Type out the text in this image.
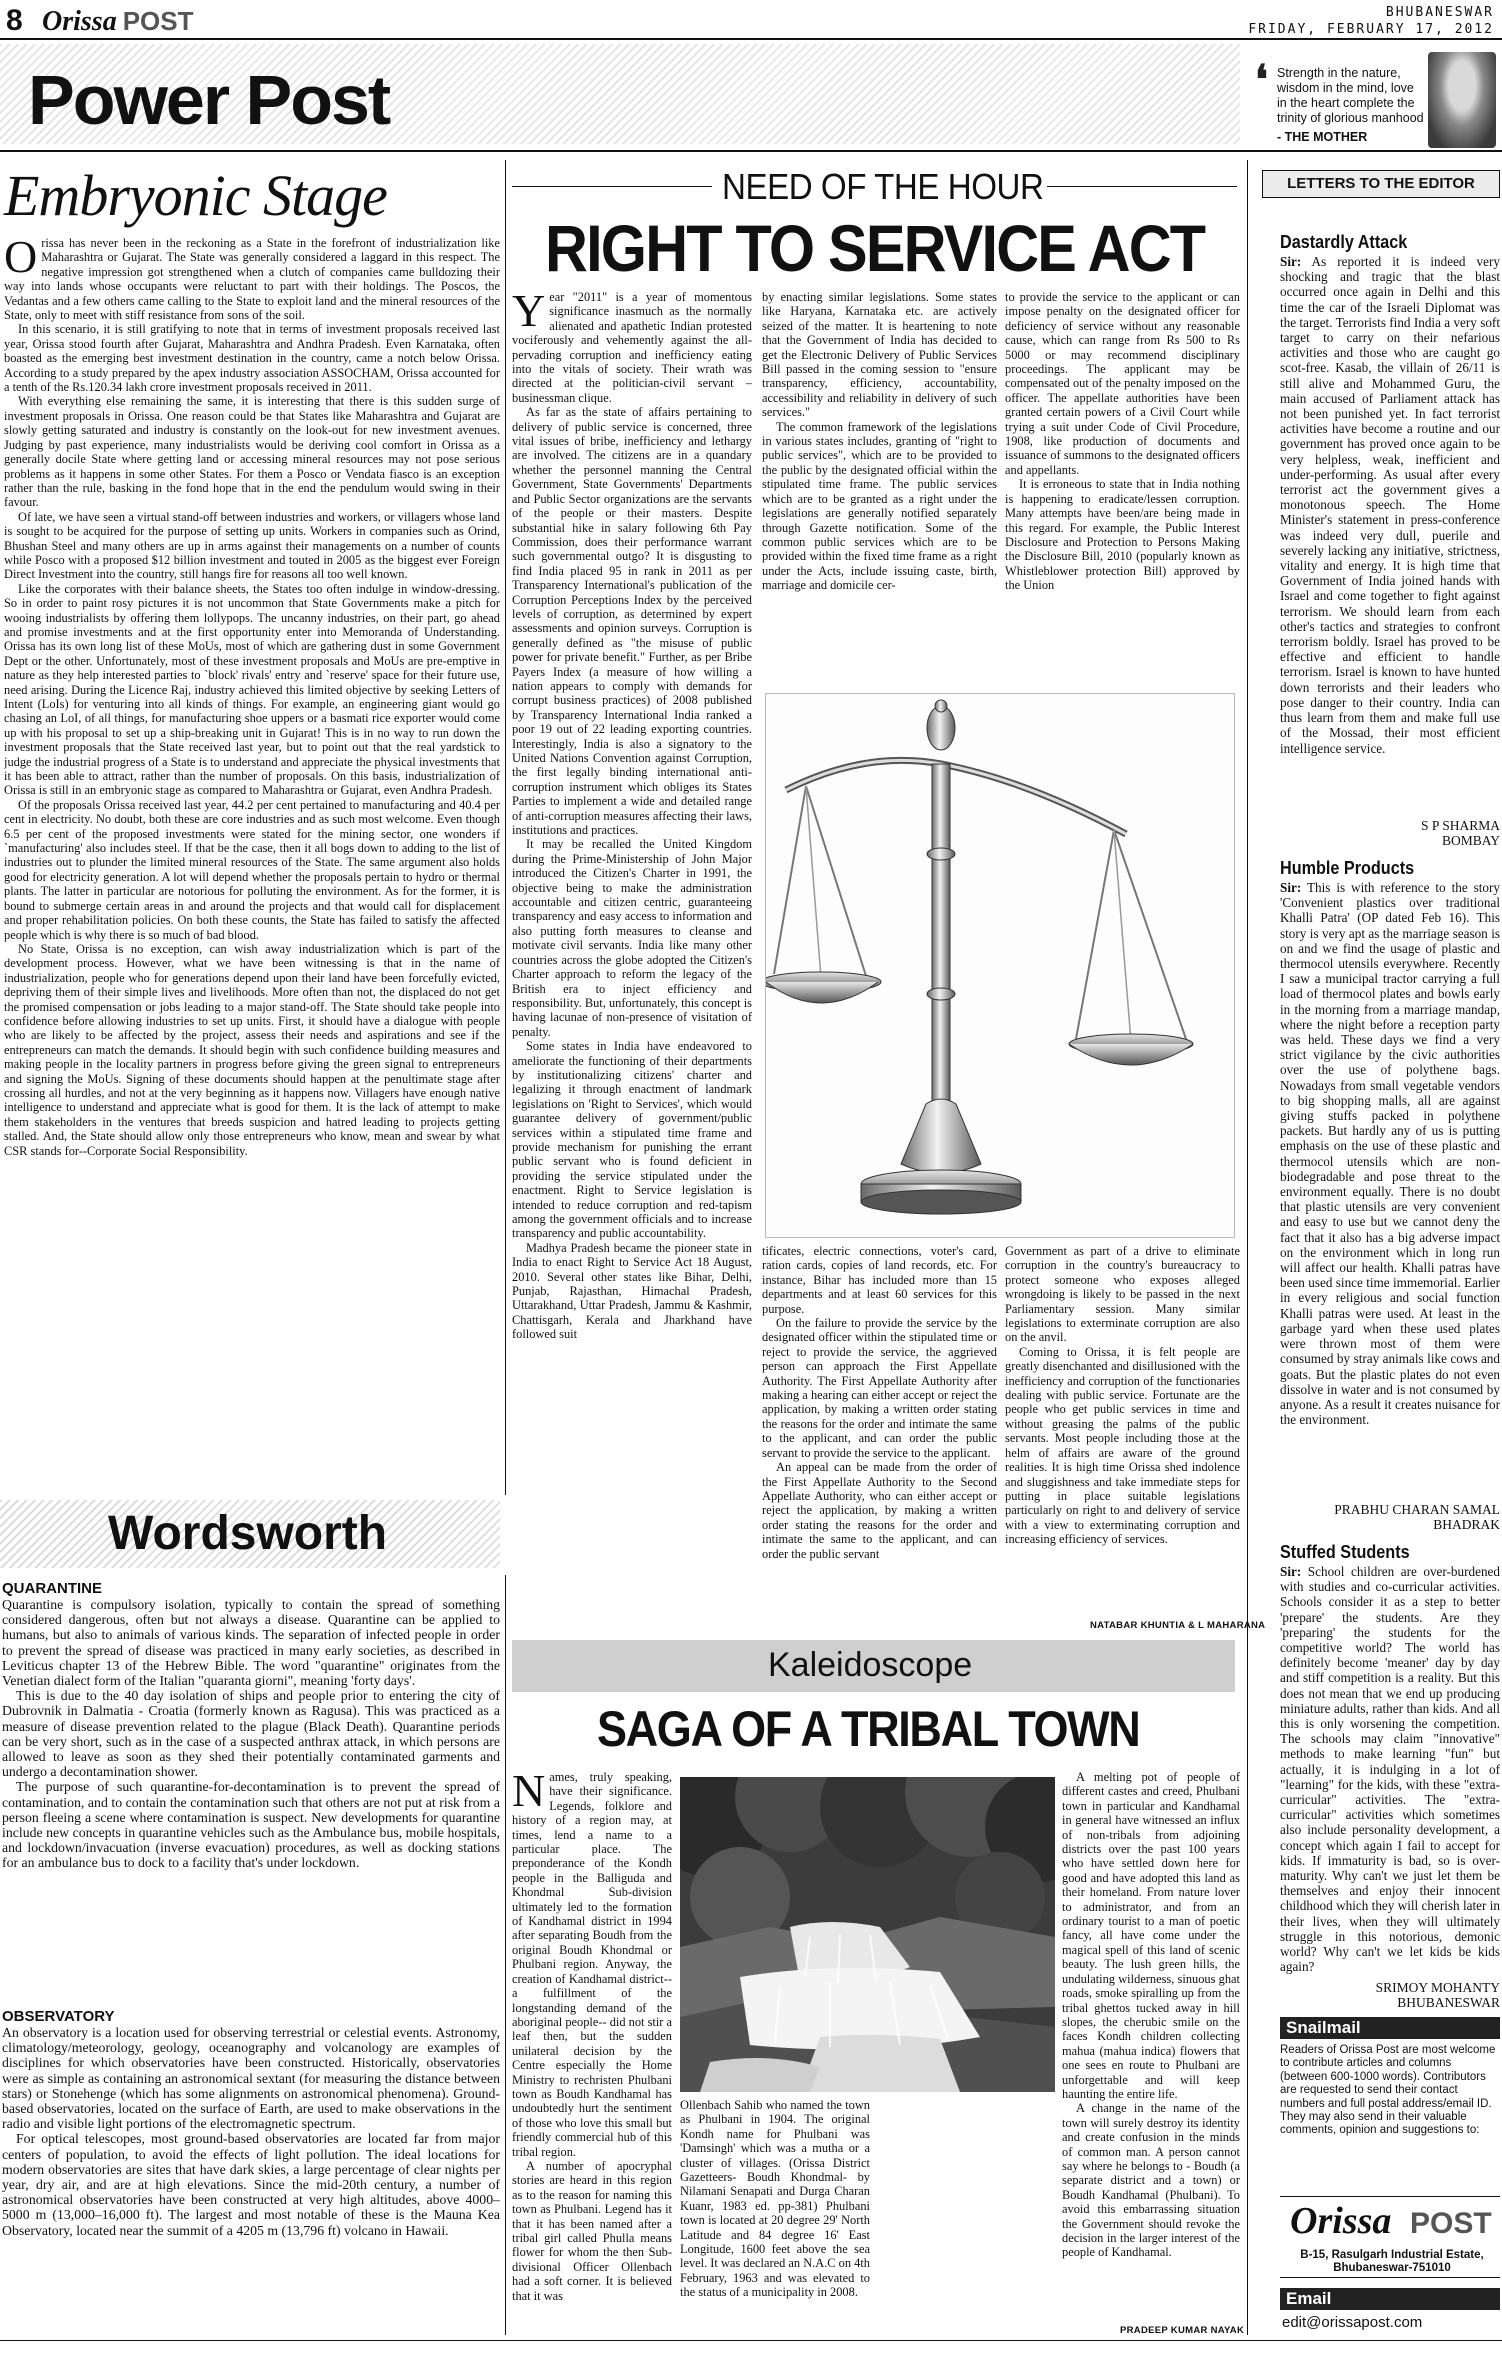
8 Orissa POST	BHUBANESWAR
FRIDAY, FEBRUARY 17, 2012
Power Post	❛ Strength in the nature, wisdom in the mind, love in the heart complete the trinity of glorious manhood
- THE MOTHER
Embryonic Stage

Orissa has never been in the reckoning as a State in the forefront of industrialization like Maharashtra or Gujarat. The State was generally considered a laggard in this respect. The negative impression got strengthened when a clutch of companies came bulldozing their way into lands whose occupants were reluctant to part with their holdings. The Poscos, the Vedantas and a few others came calling to the State to exploit land and the mineral resources of the State, only to meet with stiff resistance from sons of the soil.

In this scenario, it is still gratifying to note that in terms of investment proposals received last year, Orissa stood fourth after Gujarat, Maharashtra and Andhra Pradesh. Even Karnataka, often boasted as the emerging best investment destination in the country, came a notch below Orissa. According to a study prepared by the apex industry association ASSOCHAM, Orissa accounted for a tenth of the Rs.120.34 lakh crore investment proposals received in 2011.

With everything else remaining the same, it is interesting that there is this sudden surge of investment proposals in Orissa. One reason could be that States like Maharashtra and Gujarat are slowly getting saturated and industry is constantly on the look-out for new investment avenues. Judging by past experience, many industrialists would be deriving cool comfort in Orissa as a generally docile State where getting land or accessing mineral resources may not pose serious problems as it happens in some other States. For them a Posco or Vendata fiasco is an exception rather than the rule, basking in the fond hope that in the end the pendulum would swing in their favour.

Of late, we have seen a virtual stand-off between industries and workers, or villagers whose land is sought to be acquired for the purpose of setting up units. Workers in companies such as Orind, Bhushan Steel and many others are up in arms against their managements on a number of counts while Posco with a proposed $12 billion investment and touted in 2005 as the biggest ever Foreign Direct Investment into the country, still hangs fire for reasons all too well known.

Like the corporates with their balance sheets, the States too often indulge in window-dressing. So in order to paint rosy pictures it is not uncommon that State Governments make a pitch for wooing industrialists by offering them lollypops. The uncanny industries, on their part, go ahead and promise investments and at the first opportunity enter into Memoranda of Understanding. Orissa has its own long list of these MoUs, most of which are gathering dust in some Government Dept or the other. Unfortunately, most of these investment proposals and MoUs are pre-emptive in nature as they help interested parties to `block' rivals' entry and `reserve' space for their future use, need arising. During the Licence Raj, industry achieved this limited objective by seeking Letters of Intent (LoIs) for venturing into all kinds of things. For example, an engineering giant would go chasing an LoI, of all things, for manufacturing shoe uppers or a basmati rice exporter would come up with his proposal to set up a ship-breaking unit in Gujarat! This is in no way to run down the investment proposals that the State received last year, but to point out that the real yardstick to judge the industrial progress of a State is to understand and appreciate the physical investments that it has been able to attract, rather than the number of proposals. On this basis, industrialization of Orissa is still in an embryonic stage as compared to Maharashtra or Gujarat, even Andhra Pradesh.

Of the proposals Orissa received last year, 44.2 per cent pertained to manufacturing and 40.4 per cent in electricity. No doubt, both these are core industries and as such most welcome. Even though 6.5 per cent of the proposed investments were stated for the mining sector, one wonders if `manufacturing' also includes steel. If that be the case, then it all bogs down to adding to the list of industries out to plunder the limited mineral resources of the State. The same argument also holds good for electricity generation. A lot will depend whether the proposals pertain to hydro or thermal plants. The latter in particular are notorious for polluting the environment. As for the former, it is bound to submerge certain areas in and around the projects and that would call for displacement and proper rehabilitation policies. On both these counts, the State has failed to satisfy the affected people which is why there is so much of bad blood.

No State, Orissa is no exception, can wish away industrialization which is part of the development process. However, what we have been witnessing is that in the name of industrialization, people who for generations depend upon their land have been forcefully evicted, depriving them of their simple lives and livelihoods. More often than not, the displaced do not get the promised compensation or jobs leading to a major stand-off. The State should take people into confidence before allowing industries to set up units. First, it should have a dialogue with people who are likely to be affected by the project, assess their needs and aspirations and see if the entrepreneurs can match the demands. It should begin with such confidence building measures and making people in the locality partners in progress before giving the green signal to entrepreneurs and signing the MoUs. Signing of these documents should happen at the penultimate stage after crossing all hurdles, and not at the very beginning as it happens now. Villagers have enough native intelligence to understand and appreciate what is good for them. It is the lack of attempt to make them stakeholders in the ventures that breeds suspicion and hatred leading to projects getting stalled. And, the State should allow only those entrepreneurs who know, mean and swear by what CSR stands for--Corporate Social Responsibility.

Wordsworth
QUARANTINE

Quarantine is compulsory isolation, typically to contain the spread of something considered dangerous, often but not always a disease. Quarantine can be applied to humans, but also to animals of various kinds. The separation of infected people in order to prevent the spread of disease was practiced in many early societies, as described in Leviticus chapter 13 of the Hebrew Bible. The word "quarantine" originates from the Venetian dialect form of the Italian "quaranta giorni", meaning 'forty days'.

This is due to the 40 day isolation of ships and people prior to entering the city of Dubrovnik in Dalmatia - Croatia (formerly known as Ragusa). This was practiced as a measure of disease prevention related to the plague (Black Death). Quarantine periods can be very short, such as in the case of a suspected anthrax attack, in which persons are allowed to leave as soon as they shed their potentially contaminated garments and undergo a decontamination shower.

The purpose of such quarantine-for-decontamination is to prevent the spread of contamination, and to contain the contamination such that others are not put at risk from a person fleeing a scene where contamination is suspect. New developments for quarantine include new concepts in quarantine vehicles such as the Ambulance bus, mobile hospitals, and lockdown/invacuation (inverse evacuation) procedures, as well as docking stations for an ambulance bus to dock to a facility that's under lockdown.

OBSERVATORY

An observatory is a location used for observing terrestrial or celestial events. Astronomy, climatology/meteorology, geology, oceanography and volcanology are examples of disciplines for which observatories have been constructed. Historically, observatories were as simple as containing an astronomical sextant (for measuring the distance between stars) or Stonehenge (which has some alignments on astronomical phenomena). Ground-based observatories, located on the surface of Earth, are used to make observations in the radio and visible light portions of the electromagnetic spectrum.

For optical telescopes, most ground-based observatories are located far from major centers of population, to avoid the effects of light pollution. The ideal locations for modern observatories are sites that have dark skies, a large percentage of clear nights per year, dry air, and are at high elevations. Since the mid-20th century, a number of astronomical observatories have been constructed at very high altitudes, above 4000–5000 m (13,000–16,000 ft). The largest and most notable of these is the Mauna Kea Observatory, located near the summit of a 4205 m (13,796 ft) volcano in Hawaii.

NEED OF THE HOUR
RIGHT TO SERVICE ACT

Year "2011" is a year of momentous significance inasmuch as the normally alienated and apathetic Indian protested vociferously and vehemently against the all-pervading corruption and inefficiency eating into the vitals of society. Their wrath was directed at the politician-civil servant –businessman clique.

As far as the state of affairs pertaining to delivery of public service is concerned, three vital issues of bribe, inefficiency and lethargy are involved. The citizens are in a quandary whether the personnel manning the Central Government, State Governments' Departments and Public Sector organizations are the servants of the people or their masters. Despite substantial hike in salary following 6th Pay Commission, does their performance warrant such governmental outgo? It is disgusting to find India placed 95 in rank in 2011 as per Transparency International's publication of the Corruption Perceptions Index by the perceived levels of corruption, as determined by expert assessments and opinion surveys. Corruption is generally defined as "the misuse of public power for private benefit." Further, as per Bribe Payers Index (a measure of how willing a nation appears to comply with demands for corrupt business practices) of 2008 published by Transparency International India ranked a poor 19 out of 22 leading exporting countries. Interestingly, India is also a signatory to the United Nations Convention against Corruption, the first legally binding international anti-corruption instrument which obliges its States Parties to implement a wide and detailed range of anti-corruption measures affecting their laws, institutions and practices.

It may be recalled the United Kingdom during the Prime-Ministership of John Major introduced the Citizen's Charter in 1991, the objective being to make the administration accountable and citizen centric, guaranteeing transparency and easy access to information and also putting forth measures to cleanse and motivate civil servants. India like many other countries across the globe adopted the Citizen's Charter approach to reform the legacy of the British era to inject efficiency and responsibility. But, unfortunately, this concept is having lacunae of non-presence of visitation of penalty.

Some states in India have endeavored to ameliorate the functioning of their departments by institutionalizing citizens' charter and legalizing it through enactment of landmark legislations on 'Right to Services', which would guarantee delivery of government/public services within a stipulated time frame and provide mechanism for punishing the errant public servant who is found deficient in providing the service stipulated under the enactment. Right to Service legislation is intended to reduce corruption and red-tapism among the government officials and to increase transparency and public accountability.

Madhya Pradesh became the pioneer state in India to enact Right to Service Act 18 August, 2010. Several other states like Bihar, Delhi, Punjab, Rajasthan, Himachal Pradesh, Uttarakhand, Uttar Pradesh, Jammu & Kashmir, Chattisgarh, Kerala and Jharkhand have followed suit

by enacting similar legislations. Some states like Haryana, Karnataka etc. are actively seized of the matter. It is heartening to note that the Government of India has decided to get the Electronic Delivery of Public Services Bill passed in the coming session to "ensure transparency, efficiency, accountability, accessibility and reliability in delivery of such services."

The common framework of the legislations in various states includes, granting of "right to public services", which are to be provided to the public by the designated official within the stipulated time frame. The public services which are to be granted as a right under the legislations are generally notified separately through Gazette notification. Some of the common public services which are to be provided within the fixed time frame as a right under the Acts, include issuing caste, birth, marriage and domicile cer-

to provide the service to the applicant or can impose penalty on the designated officer for deficiency of service without any reasonable cause, which can range from Rs 500 to Rs 5000 or may recommend disciplinary proceedings. The applicant may be compensated out of the penalty imposed on the officer. The appellate authorities have been granted certain powers of a Civil Court while trying a suit under Code of Civil Procedure, 1908, like production of documents and issuance of summons to the designated officers and appellants.

It is erroneous to state that in India nothing is happening to eradicate/lessen corruption. Many attempts have been/are being made in this regard. For example, the Public Interest Disclosure and Protection to Persons Making the Disclosure Bill, 2010 (popularly known as Whistleblower protection Bill) approved by the Union

tificates, electric connections, voter's card, ration cards, copies of land records, etc. For instance, Bihar has included more than 15 departments and at least 60 services for this purpose.

On the failure to provide the service by the designated officer within the stipulated time or reject to provide the service, the aggrieved person can approach the First Appellate Authority. The First Appellate Authority after making a hearing can either accept or reject the application, by making a written order stating the reasons for the order and intimate the same to the applicant, and can order the public servant to provide the service to the applicant.

An appeal can be made from the order of the First Appellate Authority to the Second Appellate Authority, who can either accept or reject the application, by making a written order stating the reasons for the order and intimate the same to the applicant, and can order the public servant

Government as part of a drive to eliminate corruption in the country's bureaucracy to protect someone who exposes alleged wrongdoing is likely to be passed in the next Parliamentary session. Many similar legislations to exterminate corruption are also on the anvil.

Coming to Orissa, it is felt people are greatly disenchanted and disillusioned with the inefficiency and corruption of the functionaries dealing with public service. Fortunate are the people who get public services in time and without greasing the palms of the public servants. Most people including those at the helm of affairs are aware of the ground realities. It is high time Orissa shed indolence and sluggishness and take immediate steps for putting in place suitable legislations particularly on right to and delivery of service with a view to exterminating corruption and increasing efficiency of services.

NATABAR KHUNTIA & L MAHARANA
Kaleidoscope
SAGA OF A TRIBAL TOWN

Names, truly speaking, have their significance. Legends, folklore and history of a region may, at times, lend a name to a particular place. The preponderance of the Kondh people in the Balliguda and Khondmal Sub-division ultimately led to the formation of Kandhamal district in 1994 after separating Boudh from the original Boudh Khondmal or Phulbani region. Anyway, the creation of Kandhamal district-- a fulfillment of the longstanding demand of the aboriginal people-- did not stir a leaf then, but the sudden unilateral decision by the Centre especially the Home Ministry to rechristen Phulbani town as Boudh Kandhamal has undoubtedly hurt the sentiment of those who love this small but friendly commercial hub of this tribal region.

A number of apocryphal stories are heard in this region as to the reason for naming this town as Phulbani. Legend has it that it has been named after a tribal girl called Phulla means flower for whom the then Sub-divisional Officer Ollenbach had a soft corner. It is believed that it was

Ollenbach Sahib who named the town as Phulbani in 1904. The original Kondh name for Phulbani was 'Damsingh' which was a mutha or a cluster of villages. (Orissa District Gazetteers- Boudh Khondmal- by Nilamani Senapati and Durga Charan Kuanr, 1983 ed. pp-381) Phulbani town is located at 20 degree 29' North Latitude and 84 degree 16' East Longitude, 1600 feet above the sea level. It was declared an N.A.C on 4th February, 1963 and was elevated to the status of a municipality in 2008.

A melting pot of people of different castes and creed, Phulbani town in particular and Kandhamal in general have witnessed an influx of non-tribals from adjoining districts over the past 100 years who have settled down here for good and have adopted this land as their homeland. From nature lover to administrator, and from an ordinary tourist to a man of poetic fancy, all have come under the magical spell of this land of scenic beauty. The lush green hills, the undulating wilderness, sinuous ghat roads, smoke spiralling up from the tribal ghettos tucked away in hill slopes, the cherubic smile on the faces Kondh children collecting mahua (mahua indica) flowers that one sees en route to Phulbani are unforgettable and will keep haunting the entire life.

A change in the name of the town will surely destroy its identity and create confusion in the minds of common man. A person cannot say where he belongs to - Boudh (a separate district and a town) or Boudh Kandhamal (Phulbani). To avoid this embarrassing situation the Government should revoke the decision in the larger interest of the people of Kandhamal.

PRADEEP KUMAR NAYAK
LETTERS TO THE EDITOR
Dastardly Attack

Sir: As reported it is indeed very shocking and tragic that the blast occurred once again in Delhi and this time the car of the Israeli Diplomat was the target. Terrorists find India a very soft target to carry on their nefarious activities and those who are caught go scot-free. Kasab, the villain of 26/11 is still alive and Mohammed Guru, the main accused of Parliament attack has not been punished yet. In fact terrorist activities have become a routine and our government has proved once again to be very helpless, weak, inefficient and under-performing. As usual after every terrorist act the government gives a monotonous speech. The Home Minister's statement in press-conference was indeed very dull, puerile and severely lacking any initiative, strictness, vitality and energy. It is high time that Government of India joined hands with Israel and come together to fight against terrorism. We should learn from each other's tactics and strategies to confront terrorism boldly. Israel has proved to be effective and efficient to handle terrorism. Israel is known to have hunted down terrorists and their leaders who pose danger to their country. India can thus learn from them and make full use of the Mossad, their most efficient intelligence service.

S P SHARMA
BOMBAY
Humble Products

Sir: This is with reference to the story 'Convenient plastics over traditional Khalli Patra' (OP dated Feb 16). This story is very apt as the marriage season is on and we find the usage of plastic and thermocol utensils everywhere. Recently I saw a municipal tractor carrying a full load of thermocol plates and bowls early in the morning from a marriage mandap, where the night before a reception party was held. These days we find a very strict vigilance by the civic authorities over the use of polythene bags. Nowadays from small vegetable vendors to big shopping malls, all are against giving stuffs packed in polythene packets. But hardly any of us is putting emphasis on the use of these plastic and thermocol utensils which are non-biodegradable and pose threat to the environment equally. There is no doubt that plastic utensils are very convenient and easy to use but we cannot deny the fact that it also has a big adverse impact on the environment which in long run will affect our health. Khalli patras have been used since time immemorial. Earlier in every religious and social function Khalli patras were used. At least in the garbage yard when these used plates were thrown most of them were consumed by stray animals like cows and goats. But the plastic plates do not even dissolve in water and is not consumed by anyone. As a result it creates nuisance for the environment.

PRABHU CHARAN SAMAL
BHADRAK
Stuffed Students

Sir: School children are over-burdened with studies and co-curricular activities. Schools consider it as a step to better 'prepare' the students. Are they 'preparing' the students for the competitive world? The world has definitely become 'meaner' day by day and stiff competition is a reality. But this does not mean that we end up producing miniature adults, rather than kids. And all this is only worsening the competition. The schools may claim "innovative" methods to make learning "fun" but actually, it is indulging in a lot of "learning" for the kids, with these "extra-curricular" activities. The "extra-curricular" activities which sometimes also include personality development, a concept which again I fail to accept for kids. If immaturity is bad, so is over-maturity. Why can't we just let them be themselves and enjoy their innocent childhood which they will cherish later in their lives, when they will ultimately struggle in this notorious, demonic world? Why can't we let kids be kids again?

SRIMOY MOHANTY
BHUBANESWAR
Snailmail
Readers of Orissa Post are most welcome to contribute articles and columns (between 600-1000 words). Contributors are requested to send their contact numbers and full postal address/email ID. They may also send in their valuable comments, opinion and suggestions to:
Orissa POST
B-15, Rasulgarh Industrial Estate,
Bhubaneswar-751010
Email
edit@orissapost.com
